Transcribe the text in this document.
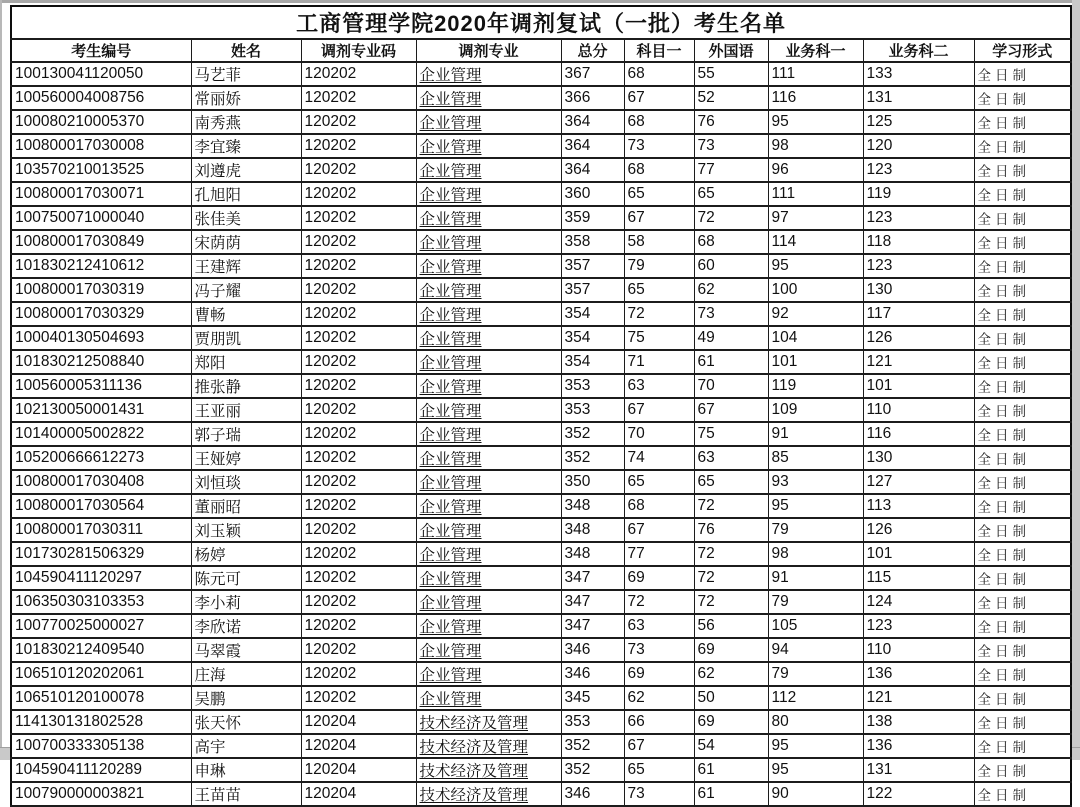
工商管理学院2020年调剂复试（一批）考生名单									
考生编号	姓名	调剂专业码	调剂专业	总分	科目一	外国语	业务科一	业务科二	学习形式
100130041120050	马艺菲	120202	企业管理	367	68	55	111	133	全日制
100560004008756	常丽娇	120202	企业管理	366	67	52	116	131	全日制
100080210005370	南秀燕	120202	企业管理	364	68	76	95	125	全日制
100800017030008	李宜臻	120202	企业管理	364	73	73	98	120	全日制
103570210013525	刘遵虎	120202	企业管理	364	68	77	96	123	全日制
100800017030071	孔旭阳	120202	企业管理	360	65	65	111	119	全日制
100750071000040	张佳美	120202	企业管理	359	67	72	97	123	全日制
100800017030849	宋荫荫	120202	企业管理	358	58	68	114	118	全日制
101830212410612	王建辉	120202	企业管理	357	79	60	95	123	全日制
100800017030319	冯子耀	120202	企业管理	357	65	62	100	130	全日制
100800017030329	曹畅	120202	企业管理	354	72	73	92	117	全日制
100040130504693	贾朋凯	120202	企业管理	354	75	49	104	126	全日制
101830212508840	郑阳	120202	企业管理	354	71	61	101	121	全日制
100560005311136	推张静	120202	企业管理	353	63	70	119	101	全日制
102130050001431	王亚丽	120202	企业管理	353	67	67	109	110	全日制
101400005002822	郭子瑞	120202	企业管理	352	70	75	91	116	全日制
105200666612273	王娅婷	120202	企业管理	352	74	63	85	130	全日制
100800017030408	刘恒琰	120202	企业管理	350	65	65	93	127	全日制
100800017030564	董丽昭	120202	企业管理	348	68	72	95	113	全日制
100800017030311	刘玉颖	120202	企业管理	348	67	76	79	126	全日制
101730281506329	杨婷	120202	企业管理	348	77	72	98	101	全日制
104590411120297	陈元可	120202	企业管理	347	69	72	91	115	全日制
106350303103353	李小莉	120202	企业管理	347	72	72	79	124	全日制
100770025000027	李欣诺	120202	企业管理	347	63	56	105	123	全日制
101830212409540	马翠霞	120202	企业管理	346	73	69	94	110	全日制
106510120202061	庄海	120202	企业管理	346	69	62	79	136	全日制
106510120100078	吴鹏	120202	企业管理	345	62	50	112	121	全日制
114130131802528	张天怀	120204	技术经济及管理	353	66	69	80	138	全日制
100700333305138	高宇	120204	技术经济及管理	352	67	54	95	136	全日制
104590411120289	申琳	120204	技术经济及管理	352	65	61	95	131	全日制
100790000003821	王苗苗	120204	技术经济及管理	346	73	61	90	122	全日制
